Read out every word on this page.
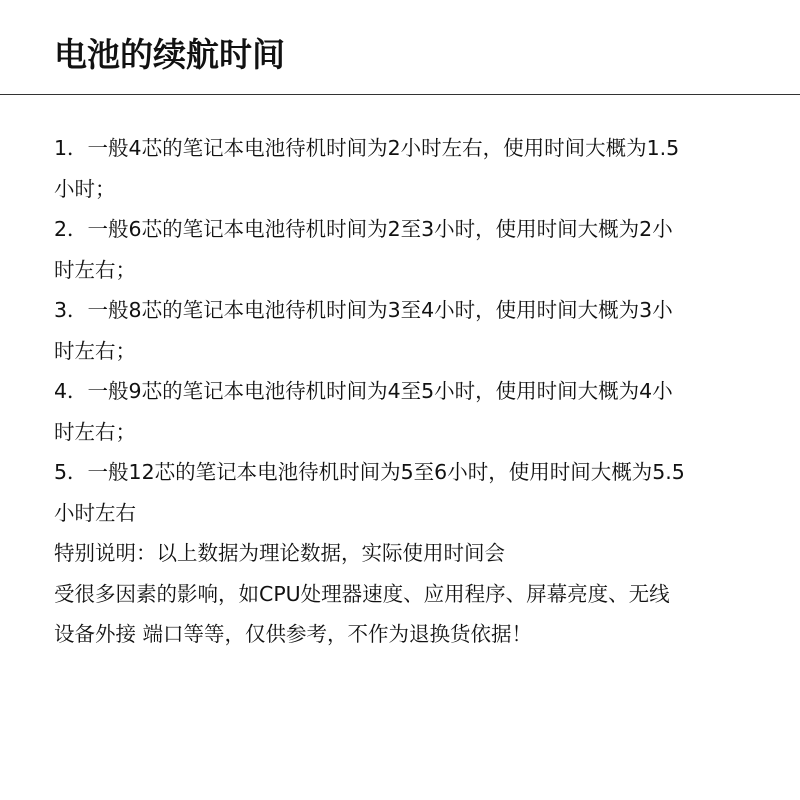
电池的续航时间
1．一般4芯的笔记本电池待机时间为2小时左右，使用时间大概为1.5
小时；
2．一般6芯的笔记本电池待机时间为2至3小时，使用时间大概为2小
时左右；
3．一般8芯的笔记本电池待机时间为3至4小时，使用时间大概为3小
时左右；
4．一般9芯的笔记本电池待机时间为4至5小时，使用时间大概为4小
时左右；
5．一般12芯的笔记本电池待机时间为5至6小时，使用时间大概为5.5
小时左右
特别说明：以上数据为理论数据，实际使用时间会
受很多因素的影响，如CPU处理器速度、应用程序、屏幕亮度、无线
设备外接 端口等等，仅供参考，不作为退换货依据！
